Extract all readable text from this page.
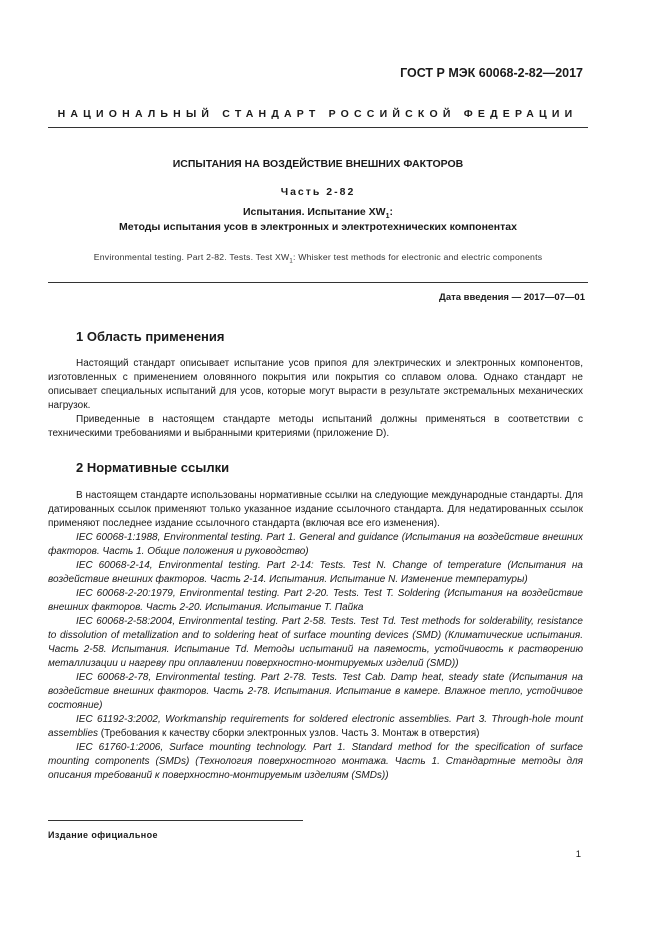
ГОСТ Р МЭК 60068-2-82—2017
НАЦИОНАЛЬНЫЙ СТАНДАРТ РОССИЙСКОЙ ФЕДЕРАЦИИ
ИСПЫТАНИЯ НА ВОЗДЕЙСТВИЕ ВНЕШНИХ ФАКТОРОВ
Часть 2-82
Испытания. Испытание $XW_1$:
Методы испытания усов в электронных и электротехнических компонентах
Environmental testing. Part 2-82. Tests. Test $XW_1$: Whisker test methods for electronic and electric components
Дата введения — 2017—07—01
1 Область применения

Настоящий стандарт описывает испытание усов припоя для электрических и электронных компонентов, изготовленных с применением оловянного покрытия или покрытия со сплавом олова. Однако стандарт не описывает специальных испытаний для усов, которые могут вырасти в результате экстремальных механических нагрузок.

Приведенные в настоящем стандарте методы испытаний должны применяться в соответствии с техническими требованиями и выбранными критериями (приложение D).

2 Нормативные ссылки

В настоящем стандарте использованы нормативные ссылки на следующие международные стандарты. Для датированных ссылок применяют только указанное издание ссылочного стандарта. Для недатированных ссылок применяют последнее издание ссылочного стандарта (включая все его изменения).

IEC 60068-1:1988, Environmental testing. Part 1. General and guidance (Испытания на воздействие внешних факторов. Часть 1. Общие положения и руководство)

IEC 60068-2-14, Environmental testing. Part 2-14: Tests. Test N. Change of temperature (Испытания на воздействие внешних факторов. Часть 2-14. Испытания. Испытание N. Изменение температуры)

IEC 60068-2-20:1979, Environmental testing. Part 2-20. Tests. Test T. Soldering (Испытания на воздействие внешних факторов. Часть 2-20. Испытания. Испытание Т. Пайка

IEC 60068-2-58:2004, Environmental testing. Part 2-58. Tests. Test Td. Test methods for solderability, resistance to dissolution of metallization and to soldering heat of surface mounting devices (SMD) (Климатические испытания. Часть 2-58. Испытания. Испытание Td. Методы испытаний на паяемость, устойчивость к растворению металлизации и нагреву при оплавлении поверхностно-монтируемых изделий (SMD))

IEC 60068-2-78, Environmental testing. Part 2-78. Tests. Test Cab. Damp heat, steady state (Испытания на воздействие внешних факторов. Часть 2-78. Испытания. Испытание в камере. Влажное тепло, устойчивое состояние)

IEC 61192-3:2002, Workmanship requirements for soldered electronic assemblies. Part 3. Through-hole mount assemblies (Требования к качеству сборки электронных узлов. Часть 3. Монтаж в отверстия)

IEC 61760-1:2006, Surface mounting technology. Part 1. Standard method for the specification of surface mounting components (SMDs) (Технология поверхностного монтажа. Часть 1. Стандартные методы для описания требований к поверхностно-монтируемым изделиям (SMDs))

Издание официальное
1
